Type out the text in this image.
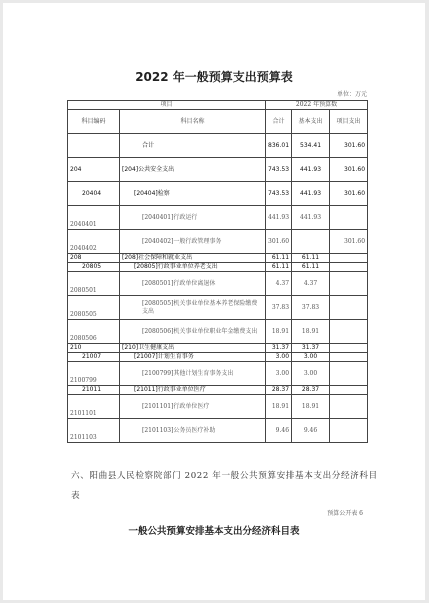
2022 年一般预算支出预算表
单位：万元
项目		2022 年预算数		
科目编码	科目名称	合计	基本支出	项目支出
	合计	836.01	534.41	301.60
204	[204]公共安全支出	743.53	441.93	301.60
20404	[20404]检察	743.53	441.93	301.60
2040401	[2040401]行政运行	441.93	441.93	
2040402	[2040402]一般行政管理事务	301.60		301.60
208	[208]社会保障和就业支出	61.11	61.11	
20805	[20805]行政事业单位养老支出	61.11	61.11	
2080501	[2080501]行政单位离退休	4.37	4.37	
2080505	[2080505]机关事业单位基本养老保险缴费支出	37.83	37.83	
2080506	[2080506]机关事业单位职业年金缴费支出	18.91	18.91	
210	[210]卫生健康支出	31.37	31.37	
21007	[21007]计划生育事务	3.00	3.00	
2100799	[2100799]其他计划生育事务支出	3.00	3.00	
21011	[21011]行政事业单位医疗	28.37	28.37	
2101101	[2101101]行政单位医疗	18.91	18.91	
2101103	[2101103]公务员医疗补助	9.46	9.46	
六、阳曲县人民检察院部门 2022 年一般公共预算安排基本支出分经济科目表
预算公开表 6
一般公共预算安排基本支出分经济科目表
